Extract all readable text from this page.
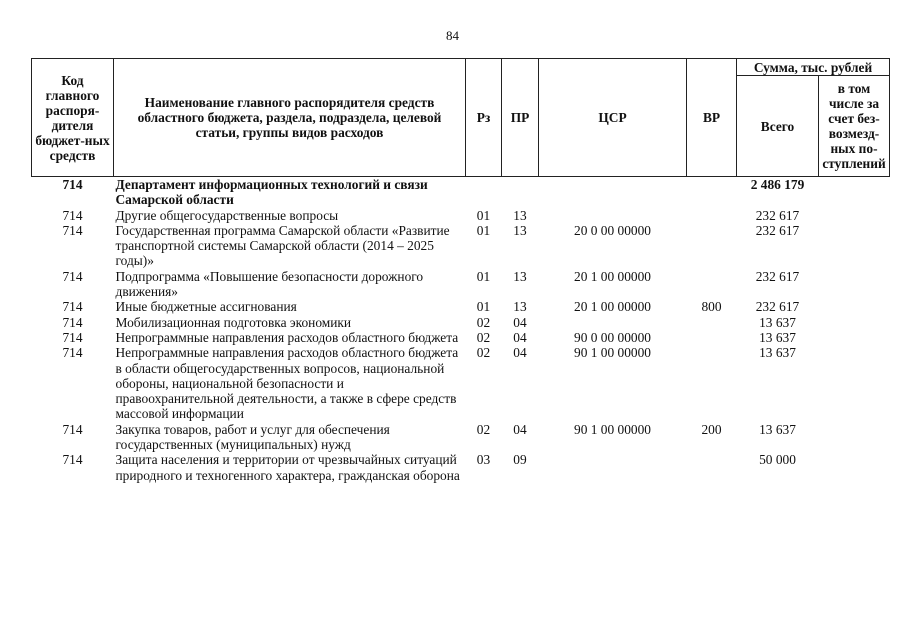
84
Код главного распоря-дителя бюджет-ных средств	Наименование главного распорядителя средств областного бюджета, раздела, подраздела, целевой статьи, группы видов расходов	Рз	ПР	ЦСР	ВР	Сумма, тыс. рублей	
						Всего	в том числе за счет без-возмезд-ных по-ступлений
714	Департамент информационных технологий и связи Самарской области					2 486 179	
714	Другие общегосударственные вопросы	01	13			232 617	
714	Государственная программа Самарской области «Развитие транспортной системы Самарской области (2014 – 2025 годы)»	01	13	20 0 00 00000		232 617	
714	Подпрограмма «Повышение безопасности дорожного движения»	01	13	20 1 00 00000		232 617	
714	Иные бюджетные ассигнования	01	13	20 1 00 00000	800	232 617	
714	Мобилизационная подготовка экономики	02	04			13 637	
714	Непрограммные направления расходов областного бюджета	02	04	90 0 00 00000		13 637	
714	Непрограммные направления расходов областного бюджета в области общегосударственных вопросов, национальной обороны, национальной безопасности и правоохранительной деятельности, а также в сфере средств массовой информации	02	04	90 1 00 00000		13 637	
714	Закупка товаров, работ и услуг для обеспечения государственных (муниципальных) нужд	02	04	90 1 00 00000	200	13 637	
714	Защита населения и территории от чрезвычайных ситуаций природного и техногенного характера, гражданская оборона	03	09			50 000	
